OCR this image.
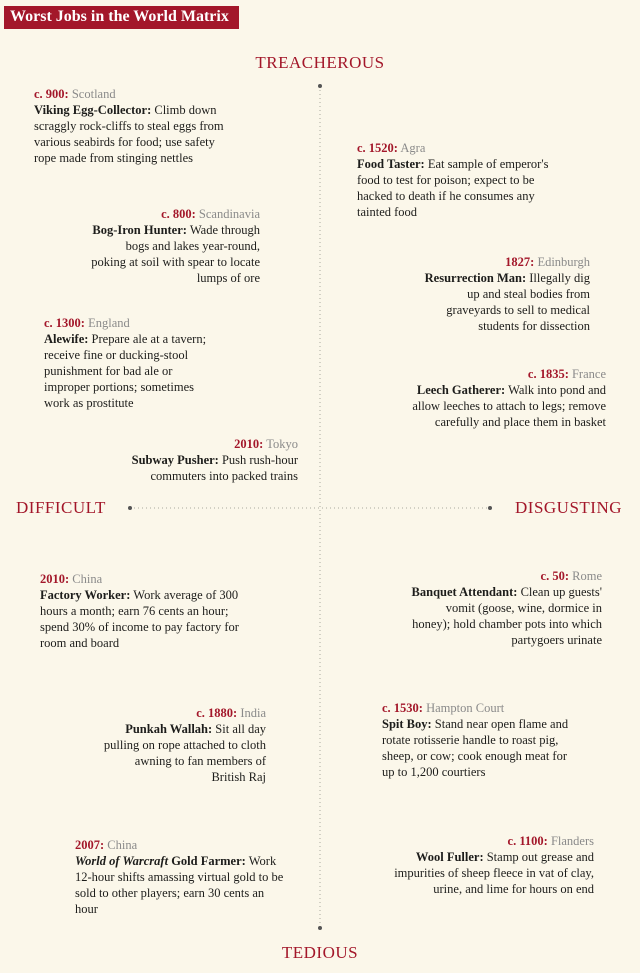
Worst Jobs in the World Matrix
TREACHEROUS
TEDIOUS
DIFFICULT	DISGUSTING
c. 900: Scotland
Viking Egg-Collector: Climb down scraggly rock-cliffs to steal eggs from various seabirds for food; use safety rope made from stinging nettles
c. 800: Scandinavia
Bog-Iron Hunter: Wade through bogs and lakes year-round, poking at soil with spear to locate lumps of ore
c. 1300: England
Alewife: Prepare ale at a tavern; receive fine or ducking-stool punishment for bad ale or improper portions; sometimes work as prostitute
2010: Tokyo
Subway Pusher: Push rush-hour commuters into packed trains
c. 1520: Agra
Food Taster: Eat sample of emperor's food to test for poison; expect to be hacked to death if he consumes any tainted food
1827: Edinburgh
Resurrection Man: Illegally dig up and steal bodies from graveyards to sell to medical students for dissection
c. 1835: France
Leech Gatherer: Walk into pond and allow leeches to attach to legs; remove carefully and place them in basket
2010: China
Factory Worker: Work average of 300 hours a month; earn 76 cents an hour; spend 30% of income to pay factory for room and board
c. 1880: India
Punkah Wallah: Sit all day pulling on rope attached to cloth awning to fan members of British Raj
2007: China
World of Warcraft Gold Farmer: Work 12-hour shifts amassing virtual gold to be sold to other players; earn 30 cents an hour
c. 50: Rome
Banquet Attendant: Clean up guests' vomit (goose, wine, dormice in honey); hold chamber pots into which partygoers urinate
c. 1530: Hampton Court
Spit Boy: Stand near open flame and rotate rotisserie handle to roast pig, sheep, or cow; cook enough meat for up to 1,200 courtiers
c. 1100: Flanders
Wool Fuller: Stamp out grease and impurities of sheep fleece in vat of clay, urine, and lime for hours on end
